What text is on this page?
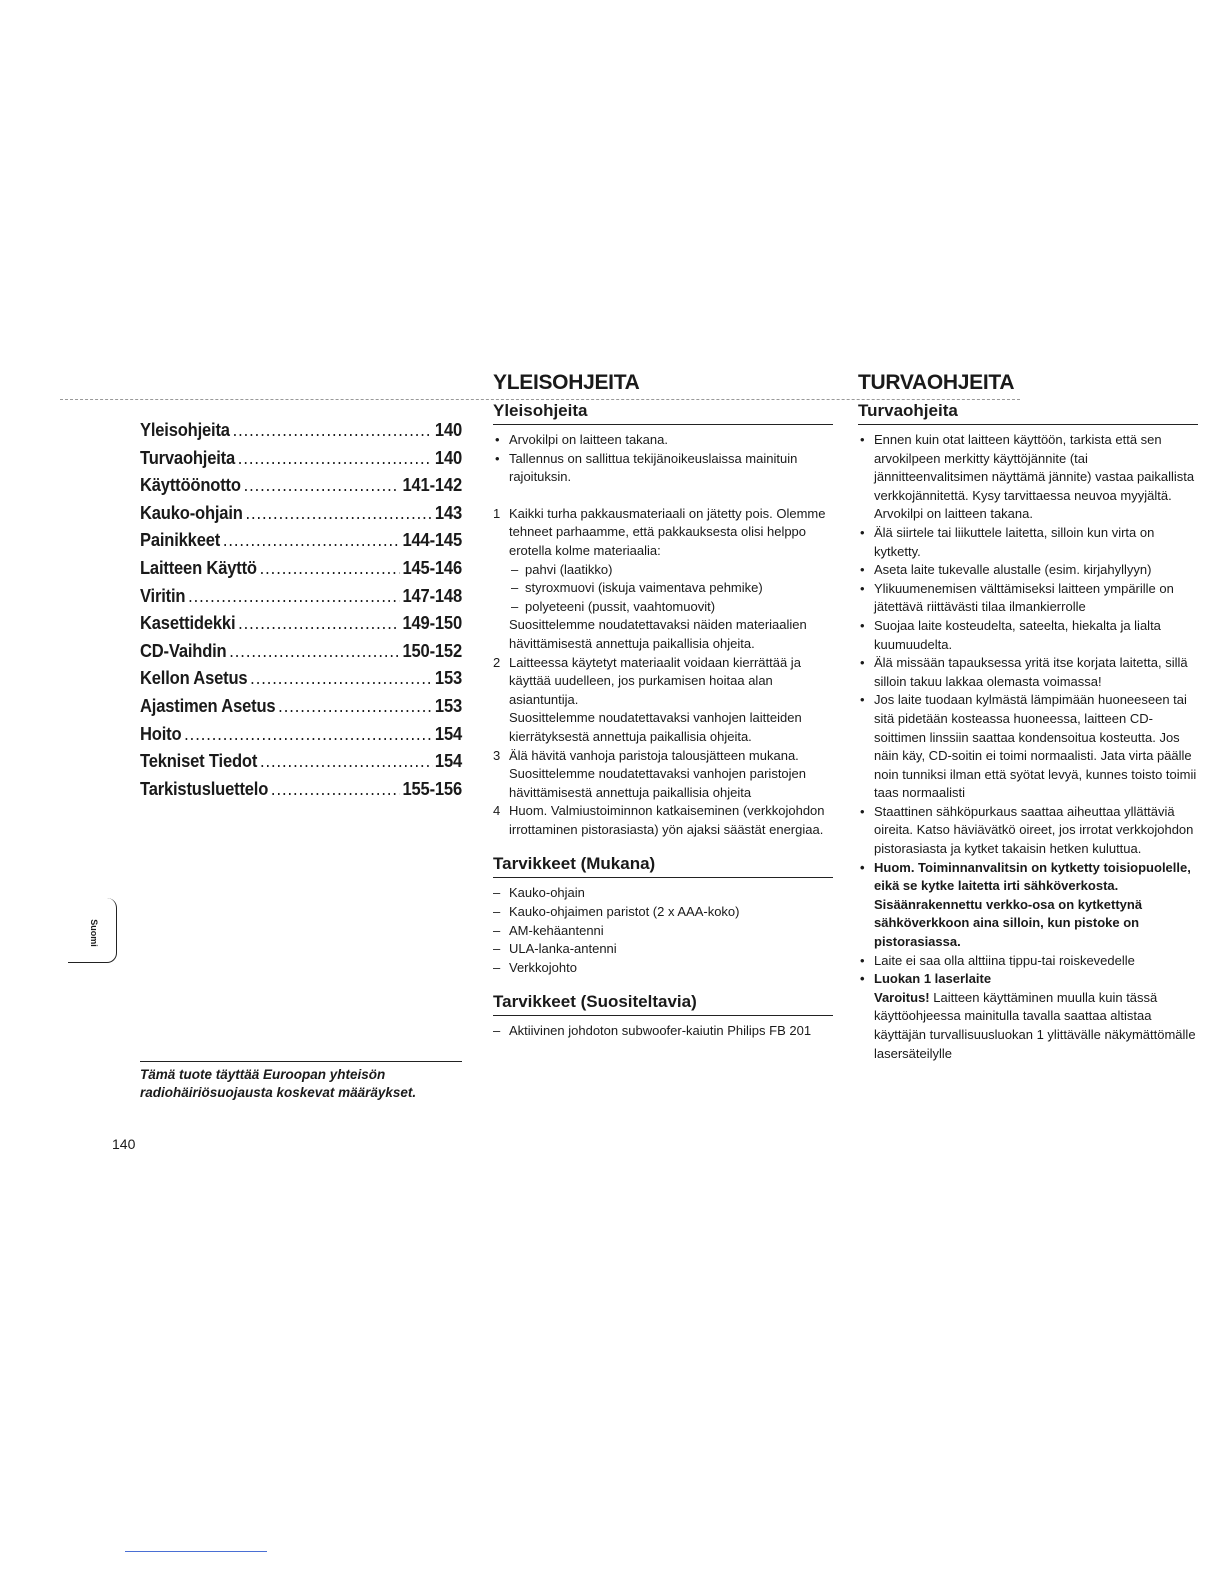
Yleisohjeita .....	140
Turvaohjeita .....	140
Käyttöönotto .....	141-142
Kauko-ohjain .....	143
Painikkeet .....	144-145
Laitteen Käyttö .....	145-146
Viritin .....	147-148
Kasettidekki .....	149-150
CD-Vaihdin .....	150-152
Kellon Asetus .....	153
Ajastimen Asetus .....	153
Hoito .....	154
Tekniset Tiedot .....	154
Tarkistusluettelo .....	155-156
Suomi
Tämä tuote täyttää Euroopan yhteisön radiohäiriösuojausta koskevat määräykset.
140
YLEISOHJEITA
Yleisohjeita
• Arvokilpi on laitteen takana.
• Tallennus on sallittua tekijänoikeuslaissa mainituin rajoituksin.
1 Kaikki turha pakkausmateriaali on jätetty pois. Olemme tehneet parhaamme, että pakkauksesta olisi helppo erotella kolme materiaalia:
– pahvi (laatikko)
– styroxmuovi (iskuja vaimentava pehmike)
– polyeteeni (pussit, vaahtomuovit)
Suosittelemme noudatettavaksi näiden materiaalien hävittämisestä annettuja paikallisia ohjeita.
2 Laitteessa käytetyt materiaalit voidaan kierrättää ja käyttää uudelleen, jos purkamisen hoitaa alan asiantuntija.
Suosittelemme noudatettavaksi vanhojen laitteiden kierrätyksestä annettuja paikallisia ohjeita.
3 Älä hävitä vanhoja paristoja talousjätteen mukana.
Suosittelemme noudatettavaksi vanhojen paristojen hävittämisestä annettuja paikallisia ohjeita
4 Huom. Valmiustoiminnon katkaiseminen (verkkojohdon irrottaminen pistorasiasta) yön ajaksi säästät energiaa.
Tarvikkeet (Mukana)
– Kauko-ohjain
– Kauko-ohjaimen paristot (2 x AAA-koko)
– AM-kehäantenni
– ULA-lanka-antenni
– Verkkojohto
Tarvikkeet (Suositeltavia)
– Aktiivinen johdoton subwoofer-kaiutin Philips FB 201
TURVAOHJEITA
Turvaohjeita
• Ennen kuin otat laitteen käyttöön, tarkista että sen arvokilpeen merkitty käyttöjännite (tai jännitteenvalitsimen näyttämä jännite) vastaa paikallista verkkojännitettä. Kysy tarvittaessa neuvoa myyjältä. Arvokilpi on laitteen takana.
• Älä siirtele tai liikuttele laitetta, silloin kun virta on kytketty.
• Aseta laite tukevalle alustalle (esim. kirjahyllyyn)
• Ylikuumenemisen välttämiseksi laitteen ympärille on jätettävä riittävästi tilaa ilmankierrolle
• Suojaa laite kosteudelta, sateelta, hiekalta ja lialta kuumuudelta.
• Älä missään tapauksessa yritä itse korjata laitetta, sillä silloin takuu lakkaa olemasta voimassa!
• Jos laite tuodaan kylmästä lämpimään huoneeseen tai sitä pidetään kosteassa huoneessa, laitteen CD-soittimen linssiin saattaa kondensoitua kosteutta. Jos näin käy, CD-soitin ei toimi normaalisti. Jata virta päälle noin tunniksi ilman että syötat levyä, kunnes toisto toimii taas normaalisti
• Staattinen sähköpurkaus saattaa aiheuttaa yllättäviä oireita. Katso häviävätkö oireet, jos irrotat verkkojohdon pistorasiasta ja kytket takaisin hetken kuluttua.
• Huom. Toiminnanvalitsin on kytketty toisiopuolelle, eikä se kytke laitetta irti sähköverkosta. Sisäänrakennettu verkko-osa on kytkettynä sähköverkkoon aina silloin, kun pistoke on pistorasiassa.
• Laite ei saa olla alttiina tippu-tai roiskevedelle
• Luokan 1 laserlaite
Varoitus! Laitteen käyttäminen muulla kuin tässä käyttöohjeessa mainitulla tavalla saattaa altistaa käyttäjän turvallisuusluokan 1 ylittävälle näkymättömälle lasersäteilylle
